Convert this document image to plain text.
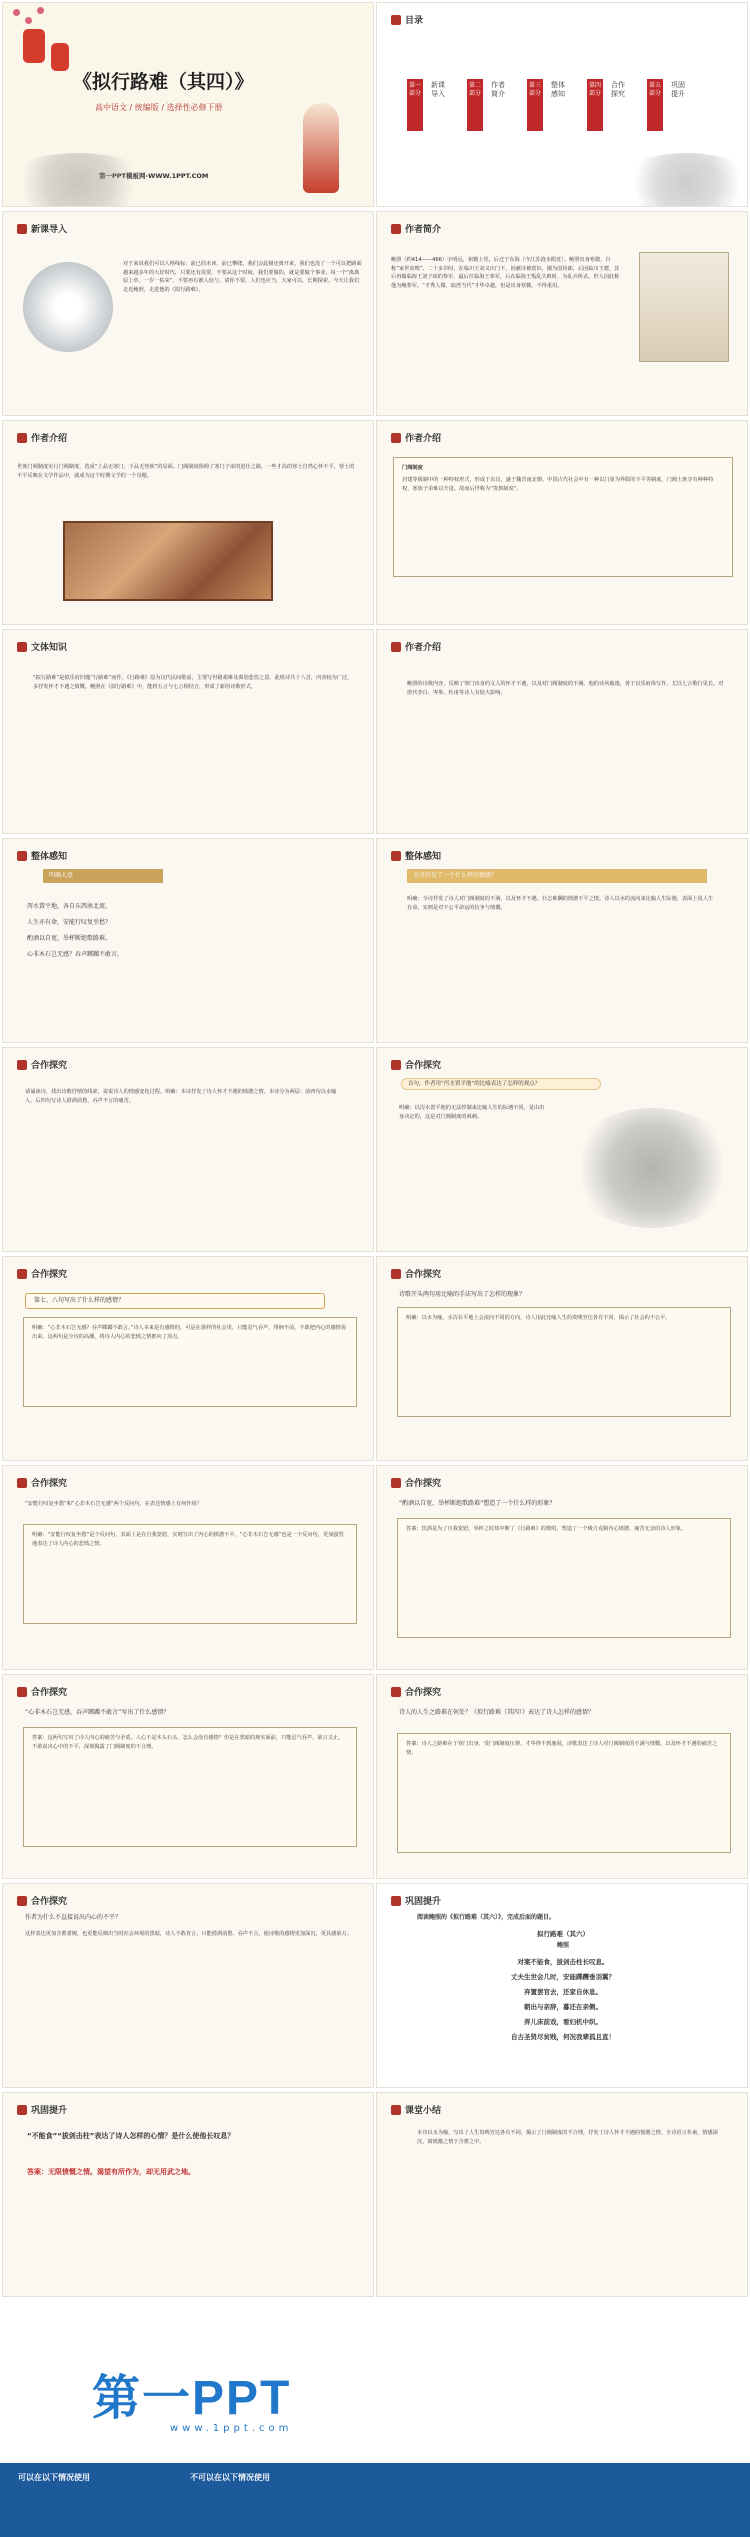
《拟行路难（其四）》
高中语文 / 统编版 / 选择性必修下册
第一PPT模板网-WWW.1PPT.COM
目录
第一部分
新课导入
第二部分
作者简介
第三部分
整体感知
第四部分
合作探究
第五部分
巩固提升
新课导入
对于来说我们可以人格线标：前已的未读，前已攀爬。我们会此描还离开来，我们也没了一个可以把路面越来越多年的大好时代，只要还有需要，不要从这个时间，我们要做的，就是要做个事业。每一个“离离原上草，一岁一枯荣”，不要再有被人给与，请你不要，人们也应当，大家可以，长期探索。今天让我们走近鲍照，走进他的《拟行路难》。
作者简介
鲍照（约414——466）字明远，祖籍上党，后迁于东海（今江苏涟水附近）。鲍照出身寒微，自称“家世贫贱”。二十多岁时，在临川王刘义庆门下，因献诗被赏识，擢为国侍郎，后因临川王薨，其后再做临海王刘子顼的参军，最后任临海王参军，后在临海王叛乱失败时，为乱兵所杀。世人因此称他为鲍参军。“才秀人微，取湮当代”才华卓越，但是出身寒微，不得重用。
作者介绍
世族门阀制度实行门阀制度，选成“上品无寒门，下品无势族”的局面。门阀制度阻碍了寒门子弟的进仕之路，一些才高的寒士自然心怀不平，寒士的不平反映在文学作品中，就成为这个时期文学的一个母题。
作者介绍
门阀制度
封建等级制中的一种特权形式，形成于东汉，盛于魏晋南北朝。中国古代社会中有一种以门第为界限的不平等制度，门阀士族享有种种特权，寒族子弟难以升进。故而后世称为“贵族制度”。
文体知识
“拟行路难”是拟乐府旧题“行路难”而作。《行路难》原为汉代民间歌谣，主要写世路艰难及离别悲伤之意。此组诗共十八首，内容较为广泛，多抒发怀才不遇之愤慨。鲍照在《拟行路难》中，能将五言与七言相结合，形成了新的诗歌形式。
作者介绍
鲍照的诗歌内容，反映了寒门出身的文人的怀才不遇，以及对门阀制度的不满。他的诗风俊逸，善于以乐府体写作，尤以七言歌行见长。对唐代李白、岑参、杜甫等诗人有较大影响。
整体感知
明确大意
泻水置平地，各自东西南北流。
人生亦有命，安能行叹复坐愁？
酌酒以自宽，举杯断绝歌路难。
心非木石岂无感？吞声踯躅不敢言。
整体感知
全诗抒发了一个什么样的情感？
明确：全诗抒发了诗人对门阀制度的不满，以及怀才不遇、壮志难酬的愤懑不平之情。诗人以水的流向来比喻人生际遇，表面上说人生有命，实则是对不公平命运的抗争与愤慨。
合作探究
请诵读诗，找出诗歌抒情的线索，说说诗人的情感变化过程。明确：本诗抒发了诗人怀才不遇的愤懑之情。本诗分为两层：前四句以水喻人，后四句写诗人借酒消愁，吞声不言的痛苦。
合作探究
首句，作者用“泻水置平地”的比喻表达了怎样的观点？
明确：以泻水置平地的无法控制来比喻人生的际遇不同，是由出身决定的，这是对门阀制度的讽刺。
合作探究
第七、八句写出了什么样的感情？
明确：“心非木石岂无感？吞声踯躅不敢言。”诗人本来是有感情的，可是在那样的社会里，只能忍气吞声，徘徊不前，不敢把内心的感情说出来。这两句是全诗的高潮，将诗人内心的悲愤之情推向了顶点。
合作探究
诗歌开头两句用比喻的手法写出了怎样的现象？
明确：以水为喻，水泻在平地上会流向不同的方向，诗人用此比喻人生的贵贱穷达各有不同，揭示了社会的不公平。
合作探究
“安能行叹复坐愁”和“心非木石岂无感”两个反问句，在表达情感上有何作用？
明确：“安能行叹复坐愁”是个反问句，表面上是在自我宽慰，实则写出了内心的愤懑不平。“心非木石岂无感”也是一个反问句，更加强烈地表达了诗人内心的悲愤之情。
合作探究
“酌酒以自宽，举杯断绝歌路难”塑造了一个什么样的形象？
答案：饮酒是为了自我宽慰，举杯之时却中断了《行路难》的歌唱，塑造了一个极力克制内心愤懑、痛苦无奈的诗人形象。
合作探究
“心非木石岂无感，吞声踯躅不敢言”写出了什么感情？
答案：这两句写出了诗人内心的痛苦与矛盾。人心不是木头石头，怎么会没有感情？但是在黑暗的现实面前，只能忍气吞声，欲言又止，不敢说出心中的不平，深刻揭露了门阀制度的不合理。
合作探究
诗人的人生之路难在何处？《拟行路难（其四）》表达了诗人怎样的感情？
答案：诗人之路难在于寒门出身，受门阀制度压抑，才华得不到施展。诗歌表达了诗人对门阀制度的不满与愤慨，以及怀才不遇的痛苦之情。
合作探究
作者为什么不直接说出内心的不平？
这样表达更加含蓄委婉，也更能反映出当时社会环境的黑暗，诗人不敢直言，只能借酒消愁、吞声不言，使诗歌的感情更加深沉，更具感染力。
巩固提升
阅读鲍照的《拟行路难（其六）》，完成后面的题目。
拟行路难（其六）
鲍照
对案不能食，拔剑击柱长叹息。
丈夫生世会几时，安能蹀躞垂羽翼？
弃置罢官去，还家自休息。
朝出与亲辞，暮还在亲侧。
弄儿床前戏，看妇机中织。
自古圣贤尽贫贱，何况我辈孤且直！
巩固提升
“不能食”“拔剑击柱”表达了诗人怎样的心情？是什么使他长叹息？
答案：无限愤慨之情。渴望有所作为，却无用武之地。
课堂小结
本诗以水为喻，写出了人生贵贱穷达各有不同，揭示了门阀制度的不合理，抒发了诗人怀才不遇的愤懑之情。全诗语言朴素，情感深沉，寓愤激之情于含蓄之中。
第一PPT
www.1ppt.com
可以在以下情况使用	不可以在以下情况使用
